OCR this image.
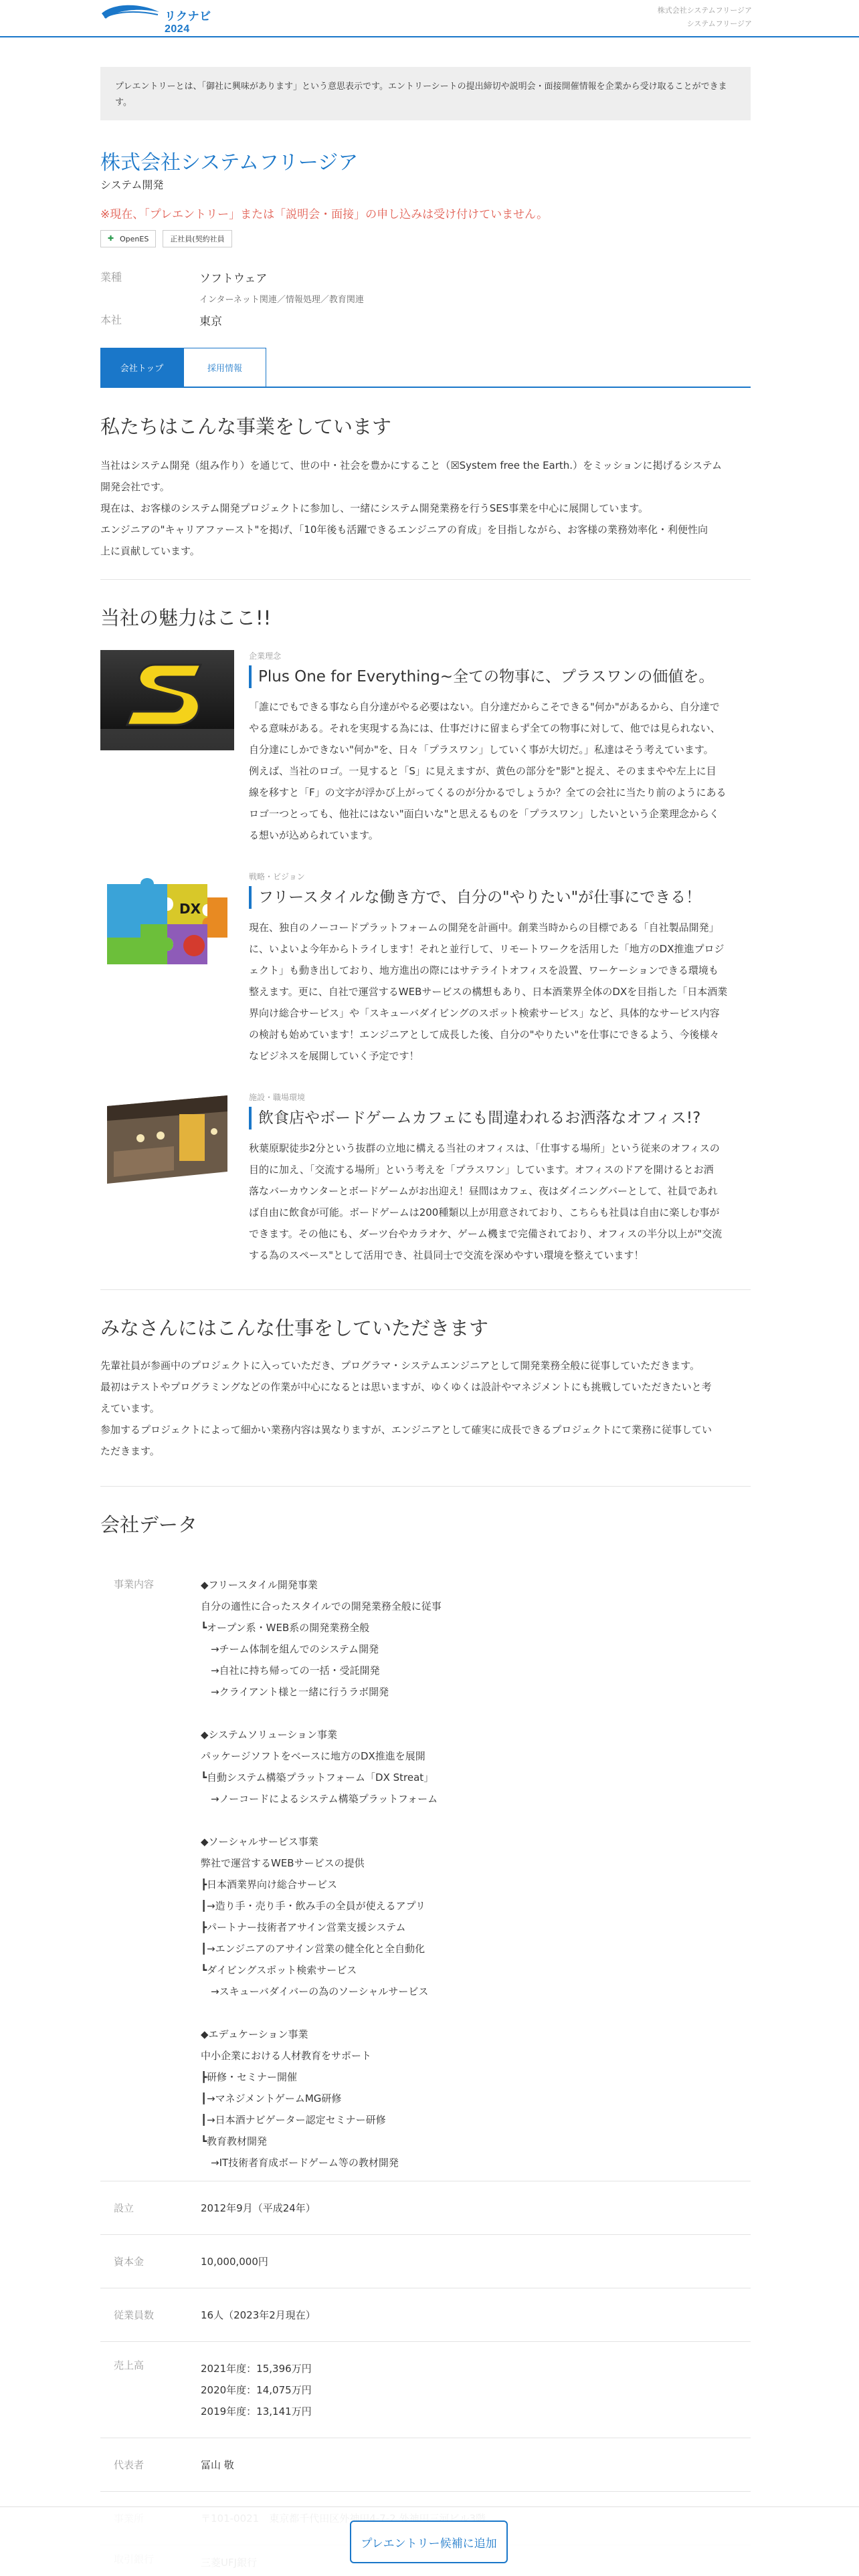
リクナビ 2024
株式会社システムフリージア
システムフリージア
プレエントリーとは、「御社に興味があります」という意思表示です。エントリーシートの提出締切や説明会・面接開催情報を企業から受け取ることができます。
株式会社システムフリージア
システム開発
※現在、「プレエントリー」または「説明会・面接」の申し込みは受け付けていません。
✚ OpenES	正社員(契約社員
業種	ソフトウェア
インターネット関連／情報処理／教育関連
本社	東京
会社トップ	採用情報
私たちはこんな事業をしています
当社はシステム開発（組み作り）を通じて、世の中・社会を豊かにすること（☒System free the Earth.）をミッションに掲げるシステム
開発会社です。
現在は、お客様のシステム開発プロジェクトに参加し、一緒にシステム開発業務を行うSES事業を中心に展開しています。
エンジニアの"キャリアファースト"を掲げ、「10年後も活躍できるエンジニアの育成」を目指しながら、お客様の業務効率化・利便性向
上に貢献しています。
当社の魅力はここ!!
企業理念
Plus One for Everything~全ての物事に、プラスワンの価値を。
「誰にでもできる事なら自分達がやる必要はない。自分達だからこそできる"何か"があるから、自分達で
やる意味がある。それを実現する為には、仕事だけに留まらず全ての物事に対して、他では見られない、
自分達にしかできない"何か"を、日々「プラスワン」していく事が大切だ。」私達はそう考えています。
例えば、当社のロゴ。一見すると「S」に見えますが、黄色の部分を"影"と捉え、そのままやや左上に目
線を移すと「F」の文字が浮かび上がってくるのが分かるでしょうか？全ての会社に当たり前のようにある
ロゴ一つとっても、他社にはない"面白いな"と思えるものを「プラスワン」したいという企業理念からく
る想いが込められています。
DX
戦略・ビジョン
フリースタイルな働き方で、自分の"やりたい"が仕事にできる！
現在、独自のノーコードプラットフォームの開発を計画中。創業当時からの目標である「自社製品開発」
に、いよいよ今年からトライします！それと並行して、リモートワークを活用した「地方のDX推進プロジ
ェクト」も動き出しており、地方進出の際にはサテライトオフィスを設置、ワーケーションできる環境も
整えます。更に、自社で運営するWEBサービスの構想もあり、日本酒業界全体のDXを目指した「日本酒業
界向け総合サービス」や「スキューバダイビングのスポット検索サービス」など、具体的なサービス内容
の検討も始めています！エンジニアとして成長した後、自分の"やりたい"を仕事にできるよう、今後様々
なビジネスを展開していく予定です！
施設・職場環境
飲食店やボードゲームカフェにも間違われるお洒落なオフィス!?
秋葉原駅徒歩2分という抜群の立地に構える当社のオフィスは、「仕事する場所」という従来のオフィスの
目的に加え、「交流する場所」という考えを「プラスワン」しています。オフィスのドアを開けるとお洒
落なバーカウンターとボードゲームがお出迎え！昼間はカフェ、夜はダイニングバーとして、社員であれ
ば自由に飲食が可能。ボードゲームは200種類以上が用意されており、こちらも社員は自由に楽しむ事が
できます。その他にも、ダーツ台やカラオケ、ゲーム機まで完備されており、オフィスの半分以上が"交流
する為のスペース"として活用でき、社員同士で交流を深めやすい環境を整えています！
みなさんにはこんな仕事をしていただきます
先輩社員が参画中のプロジェクトに入っていただき、プログラマ・システムエンジニアとして開発業務全般に従事していただきます。
最初はテストやプログラミングなどの作業が中心になるとは思いますが、ゆくゆくは設計やマネジメントにも挑戦していただきたいと考
えています。
参加するプロジェクトによって細かい業務内容は異なりますが、エンジニアとして確実に成長できるプロジェクトにて業務に従事してい
ただきます。
会社データ
事業内容	◆フリースタイル開発事業
自分の適性に合ったスタイルでの開発業務全般に従事
┗オープン系・WEB系の開発業務全般
　→チーム体制を組んでのシステム開発
　→自社に持ち帰っての一括・受託開発
　→クライアント様と一緒に行うラボ開発
◆システムソリューション事業
パッケージソフトをベースに地方のDX推進を展開
┗自動システム構築プラットフォーム「DX Streat」
　→ノーコードによるシステム構築プラットフォーム
◆ソーシャルサービス事業
弊社で運営するWEBサービスの提供
┣日本酒業界向け総合サービス
┃→造り手・売り手・飲み手の全員が使えるアプリ
┣パートナー技術者アサイン営業支援システム
┃→エンジニアのアサイン営業の健全化と全自動化
┗ダイビングスポット検索サービス
　→スキューバダイバーの為のソーシャルサービス
◆エデュケーション事業
中小企業における人材教育をサポート
┣研修・セミナー開催
┃→マネジメントゲームMG研修
┃→日本酒ナビゲーター認定セミナー研修
┗教育教材開発
　→IT技術者育成ボードゲーム等の教材開発
設立	2012年9月（平成24年）
資本金	10,000,000円
従業員数	16人（2023年2月現在）
売上高	2021年度：15,396万円
2020年度：14,075万円
2019年度：13,141万円
代表者	冨山 敬
プレエントリー候補に追加
